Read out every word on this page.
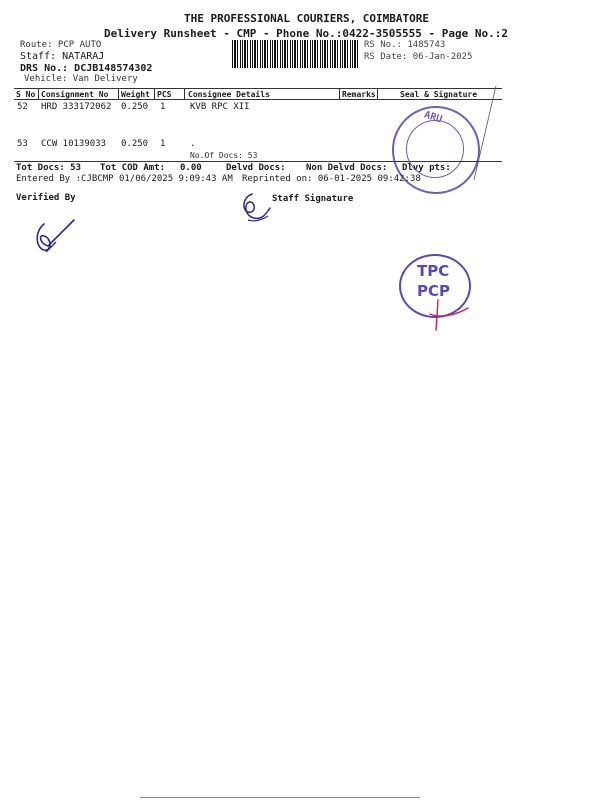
THE PROFESSIONAL COURIERS, COIMBATORE
Delivery Runsheet - CMP - Phone No.:0422-3505555 - Page No.:2
Route: PCP AUTO
Staff: NATARAJ
DRS No.: DCJB148574302
Vehicle: Van Delivery
RS No.: 1485743
RS Date: 06-Jan-2025
S No Consignment No Weight PCS Consignee Details	Remarks	Seal & Signature
52 HRD 333172062 0.250 1	KVB RPC XII
53 CCW 10139033 0.250 1	.
No.Of Docs: 53
Tot Docs: 53 Tot COD Amt: 0.00	Delvd Docs: Non Delvd Docs: Dlvy pts:
Entered By :CJBCMP 01/06/2025 9:09:43 AM Reprinted on: 06-01-2025 09:42:38
Verified By	Staff Signature
ARU
TPC
PCP
